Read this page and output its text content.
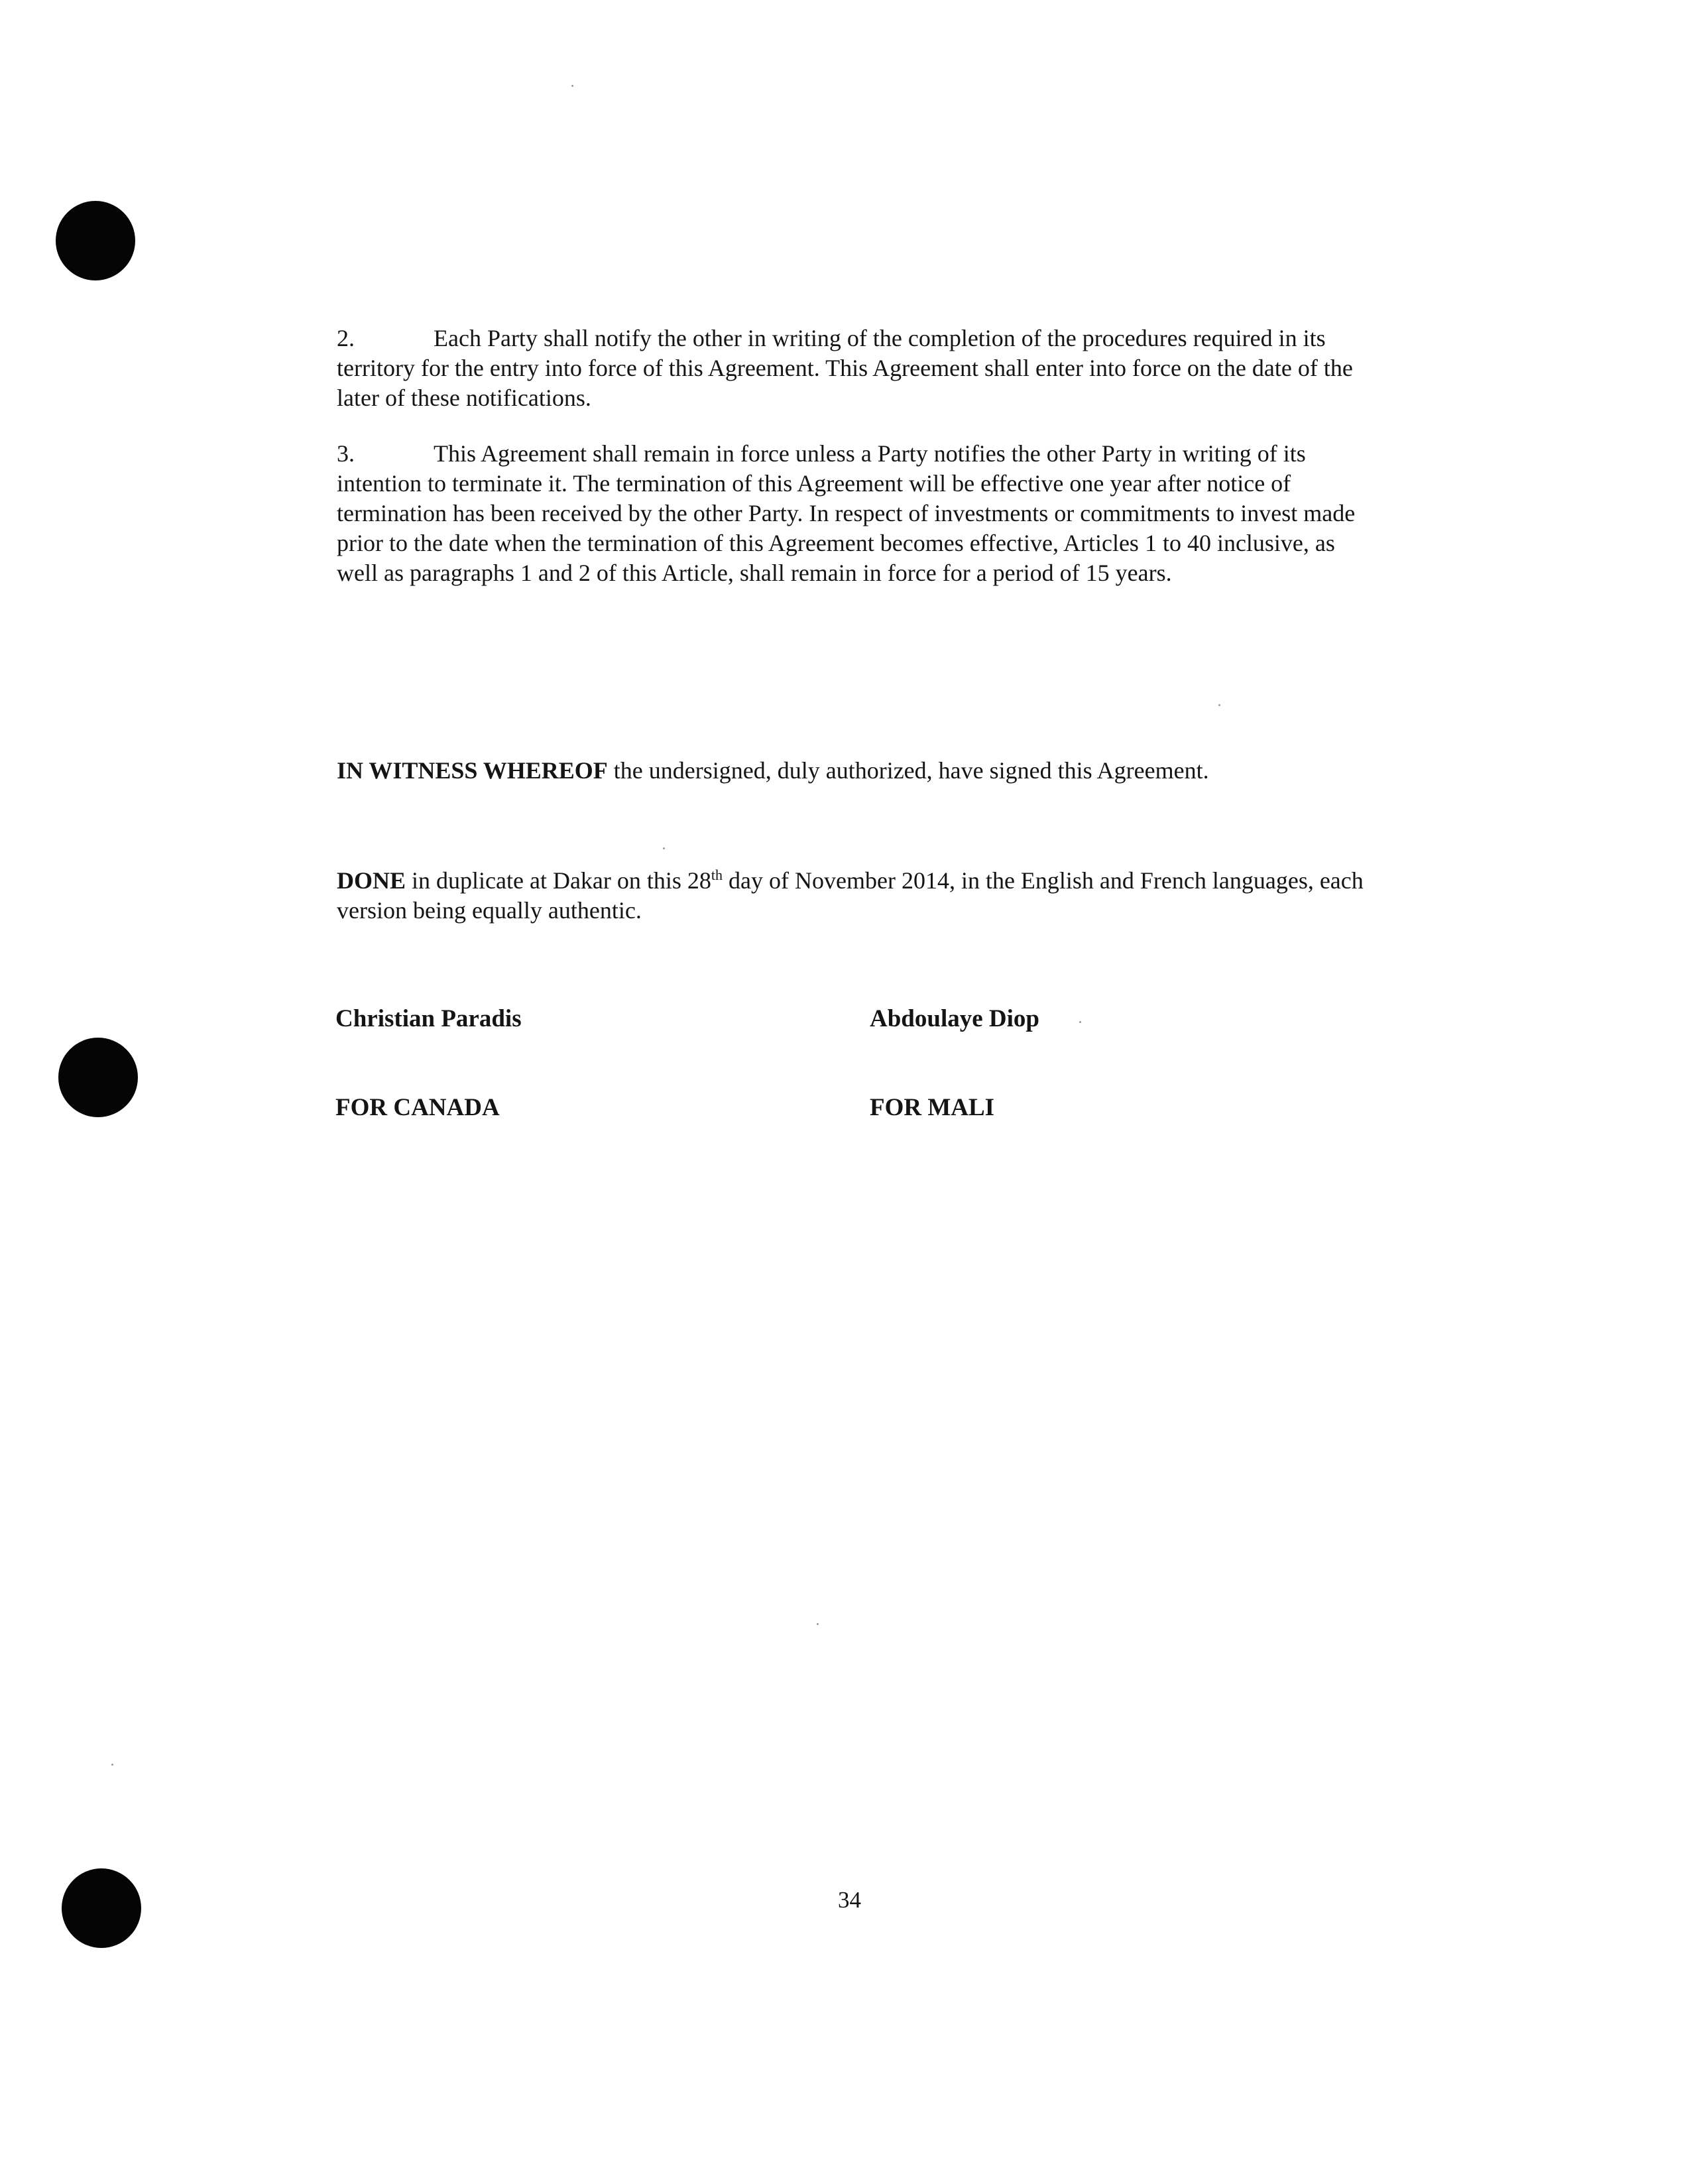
2.	Each Party shall notify the other in writing of the completion of the procedures required in its territory for the entry into force of this Agreement. This Agreement shall enter into force on the date of the later of these notifications.

3.	This Agreement shall remain in force unless a Party notifies the other Party in writing of its intention to terminate it. The termination of this Agreement will be effective one year after notice of termination has been received by the other Party. In respect of investments or commitments to invest made prior to the date when the termination of this Agreement becomes effective, Articles 1 to 40 inclusive, as well as paragraphs 1 and 2 of this Article, shall remain in force for a period of 15 years.

IN WITNESS WHEREOF the undersigned, duly authorized, have signed this Agreement.

DONE in duplicate at Dakar on this 28th day of November 2014, in the English and French languages, each version being equally authentic.

Christian Paradis	Abdoulaye Diop

FOR CANADA	FOR MALI

34
